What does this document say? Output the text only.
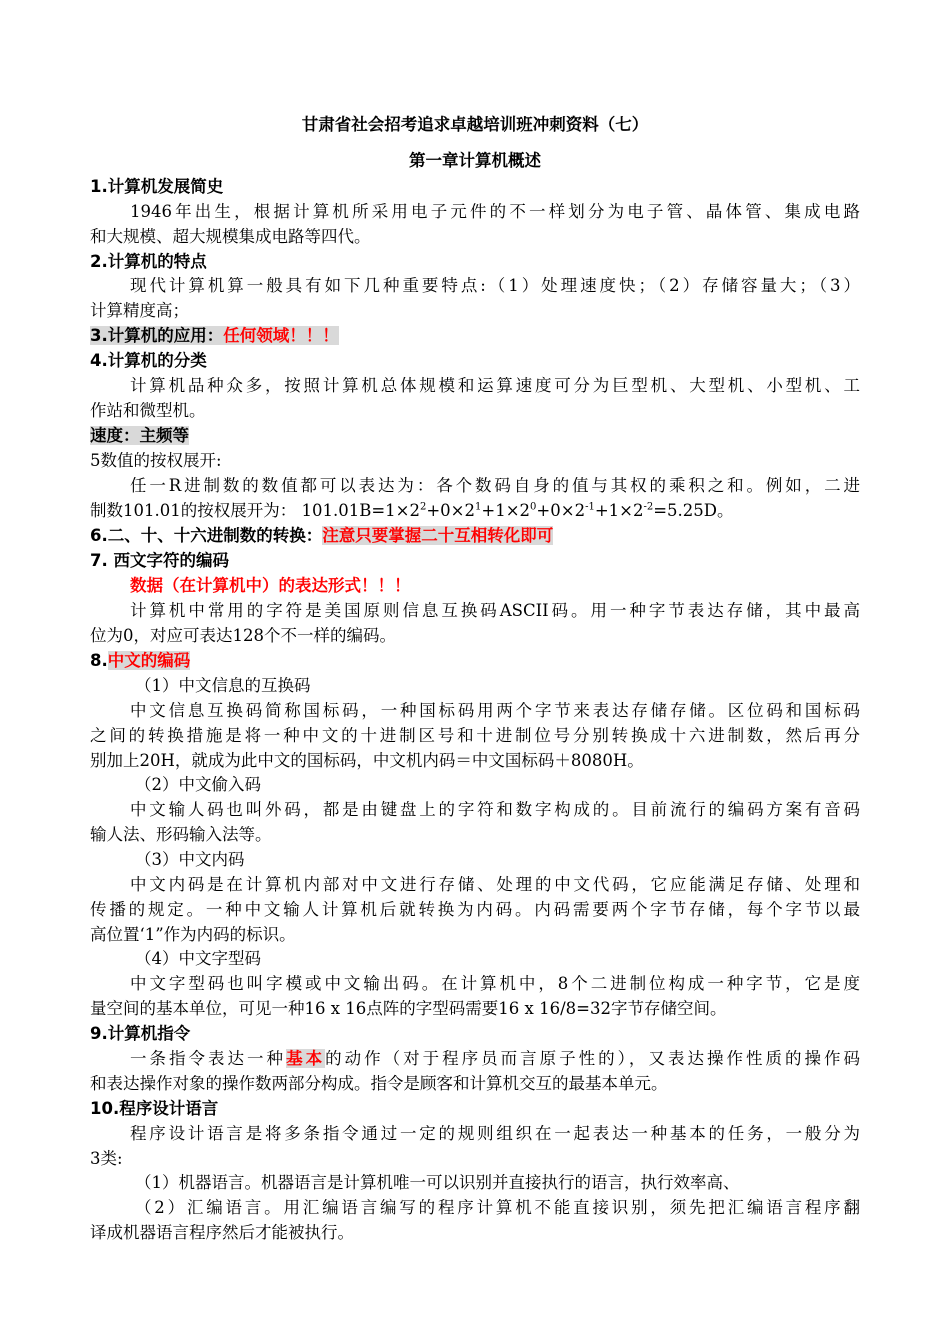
甘肃省社会招考追求卓越培训班冲刺资料（七）
第一章计算机概述
1.计算机发展简史
1946年出生，根据计算机所采用电子元件的不一样划分为电子管、晶体管、集成电路
和大规模、超大规模集成电路等四代。
2.计算机的特点
现代计算机算一般具有如下几种重要特点:（1）处理速度快；（2）存储容量大；（3）
计算精度高；
3.计算机的应用：任何领域！！！
4.计算机的分类
计算机品种众多，按照计算机总体规模和运算速度可分为巨型机、大型机、小型机、工
作站和微型机。
速度：主频等
5数值的按权展开:
任一R进制数的数值都可以表达为：各个数码自身的值与其权的乘积之和。例如，二进
制数101.01的按权展开为： $101.01B=1\times 2^2+0\times 2^1+1\times 2^0+0\times 2^{-1}+1\times 2^{-2}=5.25D$。
6.二、十、十六进制数的转换：注意只要掌握二十互相转化即可
7. 西文字符的编码
数据（在计算机中）的表达形式！！！
计算机中常用的字符是美国原则信息互换码ASCII码。用一种字节表达存储，其中最高
位为0，对应可表达128个不一样的编码。
8.中文的编码
（1）中文信息的互换码
中文信息互换码简称国标码，一种国标码用两个字节来表达存储存储。区位码和国标码
之间的转换措施是将一种中文的十进制区号和十进制位号分别转换成十六进制数，然后再分
别加上20H，就成为此中文的国标码，中文机内码＝中文国标码＋8080H。
（2）中文偷入码
中文输人码也叫外码，都是由键盘上的字符和数字构成的。目前流行的编码方案有音码
输人法、形码输入法等。
（3）中文内码
中文内码是在计算机内部对中文进行存储、处理的中文代码，它应能满足存储、处理和
传播的规定。一种中文输人计算机后就转换为内码。内码需要两个字节存储，每个字节以最
高位置‘1”作为内码的标识。
（4）中文字型码
中文字型码也叫字模或中文输出码。在计算机中，8个二进制位构成一种字节，它是度
量空间的基本单位，可见一种16 x 16点阵的字型码需要16 x 16/8=32字节存储空间。
9.计算机指令
一条指令表达一种基本的动作（对于程序员而言原子性的），又表达操作性质的操作码
和表达操作对象的操作数两部分构成。指令是顾客和计算机交互的最基本单元。
10.程序设计语言
程序设计语言是将多条指令通过一定的规则组织在一起表达一种基本的任务，一般分为
3类:
（1）机器语言。机器语言是计算机唯一可以识别并直接执行的语言，执行效率高、
（2）汇编语言。用汇编语言编写的程序计算机不能直接识别，须先把汇编语言程序翻
译成机器语言程序然后才能被执行。
